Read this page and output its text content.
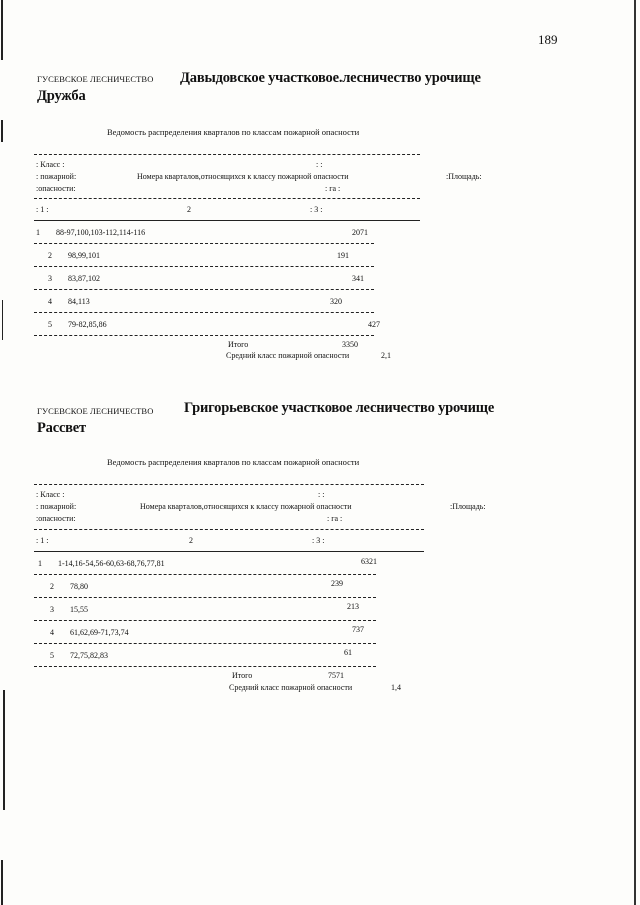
189
ГУСЕВСКОЕ ЛЕСНИЧЕСТВО Давыдовское участковое.лесничество урочище
Дружба
Ведомость распределения кварталов по классам пожарной опасности
: Класс :
: пожарной:
:опасности:
Номера кварталов,относящихся к классу пожарной опасности
: :
:Площадь:
: га :
: 1 :	2	: 3 :
1 88-97,100,103-112,114-116	2071
2 98,99,101	191
3 83,87,102	341
4 84,113	320
5 79-82,85,86	427
Итого	3350
Средний класс пожарной опасности	2,1
ГУСЕВСКОЕ ЛЕСНИЧЕСТВО Григорьевское участковое лесничество урочище
Рассвет
Ведомость распределения кварталов по классам пожарной опасности
: Класс :
: пожарной:
:опасности:
Номера кварталов,относящихся к классу пожарной опасности
: :
:Площадь:
: га :
: 1 :	2	: 3 :
1 1-14,16-54,56-60,63-68,76,77,81	6321
2 78,80	239
3 15,55	213
4 61,62,69-71,73,74	737
5 72,75,82,83	61
Итого	7571
Средний класс пожарной опасности	1,4
